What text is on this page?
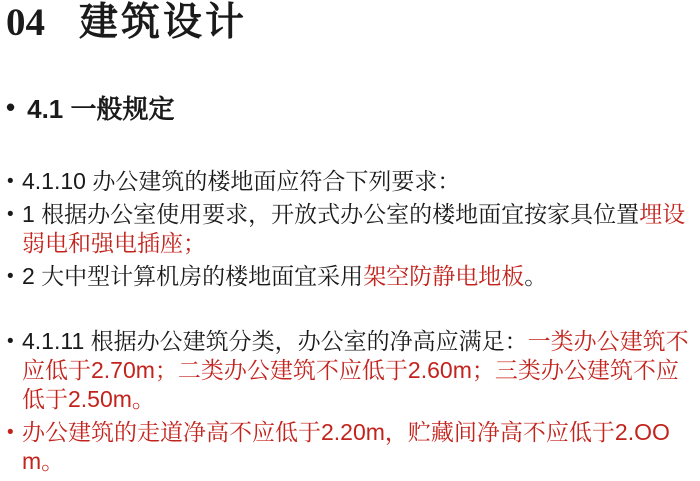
04 建筑设计
• 4.1 一般规定
• 4.1.10 办公建筑的楼地面应符合下列要求：
• 1 根据办公室使用要求，开放式办公室的楼地面宜按家具位置埋设弱电和强电插座；
• 2 大中型计算机房的楼地面宜采用架空防静电地板。
• 4.1.11 根据办公建筑分类，办公室的净高应满足：一类办公建筑不应低于2.70m；二类办公建筑不应低于2.60m；三类办公建筑不应低于2.50m。
• 办公建筑的走道净高不应低于2.20m，贮藏间净高不应低于2.OOm。
